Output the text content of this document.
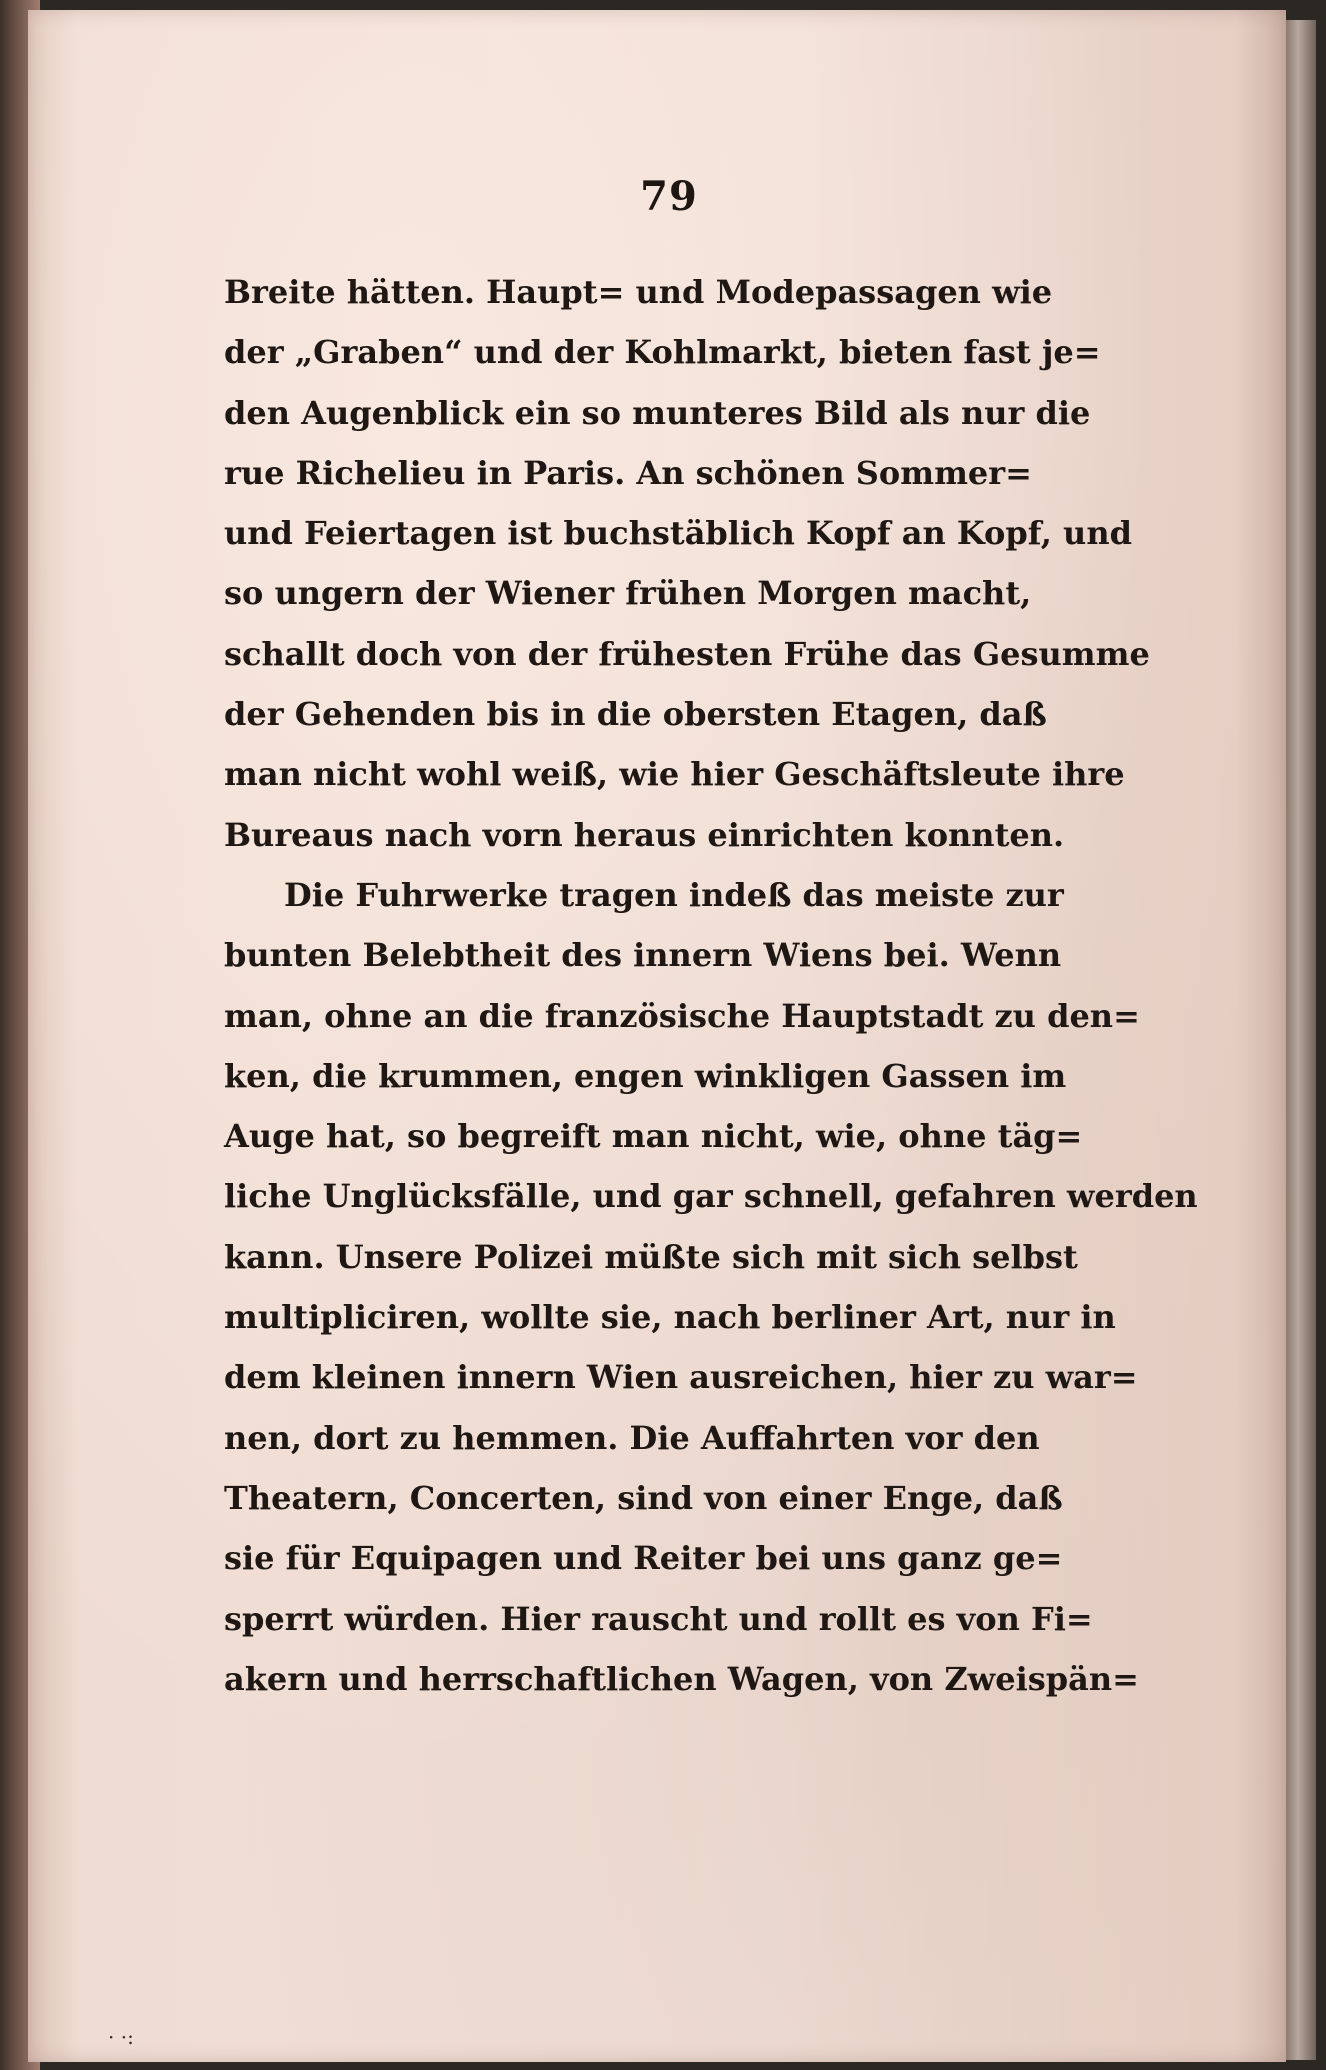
79
Breite hätten. Haupt= und Modepassagen wie
der „Graben“ und der Kohlmarkt, bieten fast je=
den Augenblick ein so munteres Bild als nur die
rue Richelieu in Paris. An schönen Sommer=
und Feiertagen ist buchstäblich Kopf an Kopf, und
so ungern der Wiener frühen Morgen macht,
schallt doch von der frühesten Frühe das Gesumme
der Gehenden bis in die obersten Etagen, daß
man nicht wohl weiß, wie hier Geschäftsleute ihre
Bureaus nach vorn heraus einrichten konnten.
Die Fuhrwerke tragen indeß das meiste zur
bunten Belebtheit des innern Wiens bei. Wenn
man, ohne an die französische Hauptstadt zu den=
ken, die krummen, engen winkligen Gassen im
Auge hat, so begreift man nicht, wie, ohne täg=
liche Unglücksfälle, und gar schnell, gefahren werden
kann. Unsere Polizei müßte sich mit sich selbst
multipliciren, wollte sie, nach berliner Art, nur in
dem kleinen innern Wien ausreichen, hier zu war=
nen, dort zu hemmen. Die Auffahrten vor den
Theatern, Concerten, sind von einer Enge, daß
sie für Equipagen und Reiter bei uns ganz ge=
sperrt würden. Hier rauscht und rollt es von Fi=
akern und herrschaftlichen Wagen, von Zweispän=
· ·:
